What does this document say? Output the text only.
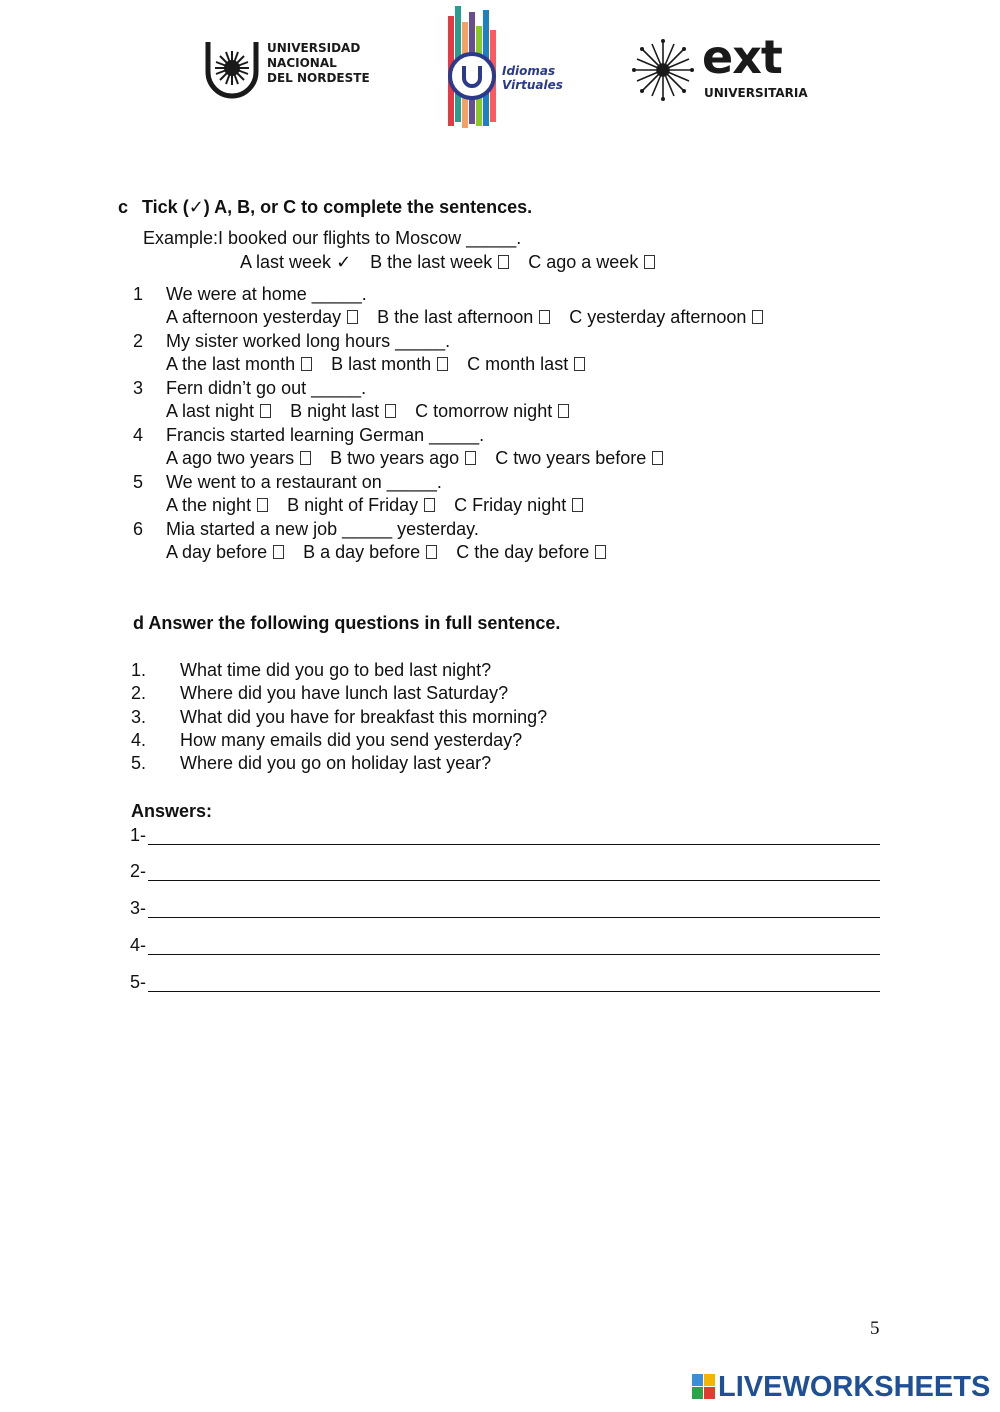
UNIVERSIDAD
NACIONAL
DEL NORDESTE	Idiomas
Virtuales
ext
UNIVERSITARIA
c Tick (✓) A, B, or C to complete the sentences.
Example:I booked our flights to Moscow _____.
A last week ✓ B the last week C ago a week
1 We were at home _____.
A afternoon yesterday B the last afternoon C yesterday afternoon
2 My sister worked long hours _____.
A the last month B last month C month last
3 Fern didn’t go out _____.
A last night B night last C tomorrow night
4 Francis started learning German _____.
A ago two years B two years ago C two years before
5 We went to a restaurant on _____.
A the night B night of Friday C Friday night
6 Mia started a new job _____ yesterday.
A day before B a day before C the day before
d Answer the following questions in full sentence.
1. What time did you go to bed last night?
2. Where did you have lunch last Saturday?
3. What did you have for breakfast this morning?
4. How many emails did you send yesterday?
5. Where did you go on holiday last year?
Answers:
1-
2-
3-
4-
5-
5
LIVEWORKSHEETS
